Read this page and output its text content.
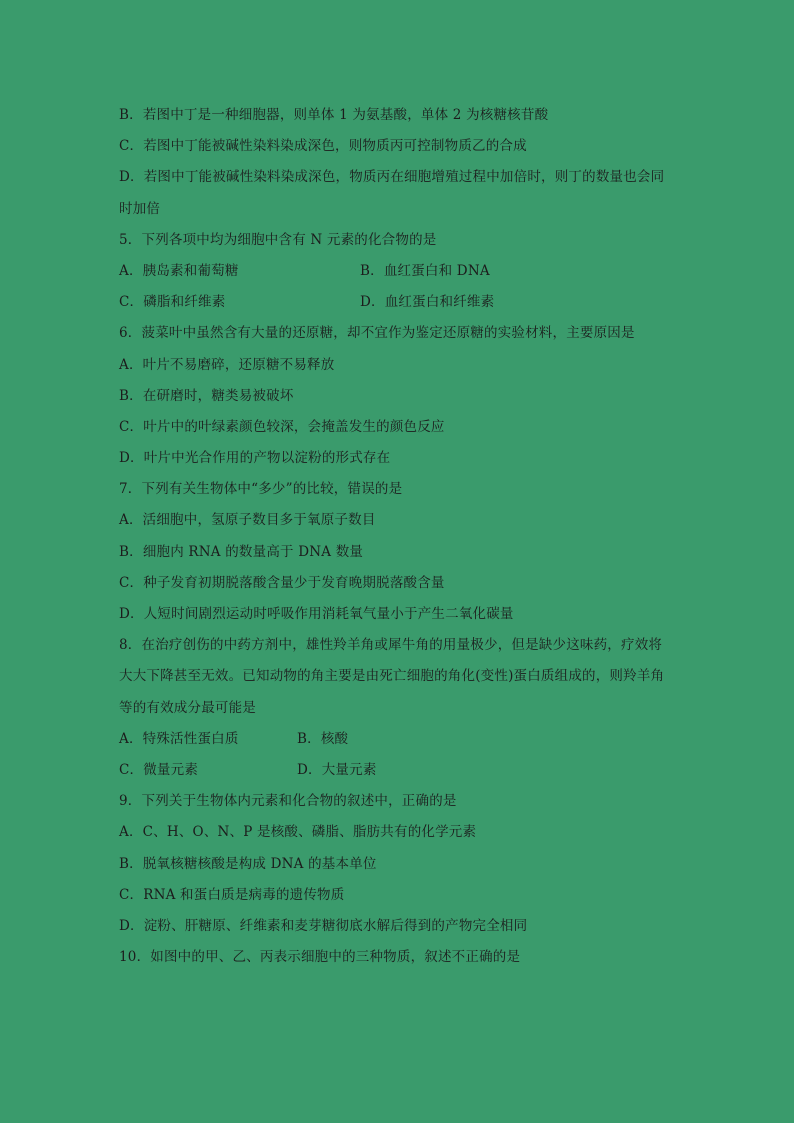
B．若图中丁是一种细胞器，则单体 1 为氨基酸，单体 2 为核糖核苷酸
C．若图中丁能被碱性染料染成深色，则物质丙可控制物质乙的合成
D．若图中丁能被碱性染料染成深色，物质丙在细胞增殖过程中加倍时，则丁的数量也会同
时加倍
5．下列各项中均为细胞中含有 N 元素的化合物的是
A．胰岛素和葡萄糖	B．血红蛋白和 DNA
C．磷脂和纤维素	D．血红蛋白和纤维素
6．菠菜叶中虽然含有大量的还原糖，却不宜作为鉴定还原糖的实验材料，主要原因是
A．叶片不易磨碎，还原糖不易释放
B．在研磨时，糖类易被破坏
C．叶片中的叶绿素颜色较深，会掩盖发生的颜色反应
D．叶片中光合作用的产物以淀粉的形式存在
7．下列有关生物体中“多少”的比较，错误的是
A．活细胞中，氢原子数目多于氧原子数目
B．细胞内 RNA 的数量高于 DNA 数量
C．种子发育初期脱落酸含量少于发育晚期脱落酸含量
D．人短时间剧烈运动时呼吸作用消耗氧气量小于产生二氧化碳量
8．在治疗创伤的中药方剂中，雄性羚羊角或犀牛角的用量极少，但是缺少这味药，疗效将
大大下降甚至无效。已知动物的角主要是由死亡细胞的角化(变性)蛋白质组成的，则羚羊角
等的有效成分最可能是
A．特殊活性蛋白质	B．核酸
C．微量元素	D．大量元素
9．下列关于生物体内元素和化合物的叙述中，正确的是
A．C、H、O、N、P 是核酸、磷脂、脂肪共有的化学元素
B．脱氧核糖核酸是构成 DNA 的基本单位
C．RNA 和蛋白质是病毒的遗传物质
D．淀粉、肝糖原、纤维素和麦芽糖彻底水解后得到的产物完全相同
10．如图中的甲、乙、丙表示细胞中的三种物质，叙述不正确的是
